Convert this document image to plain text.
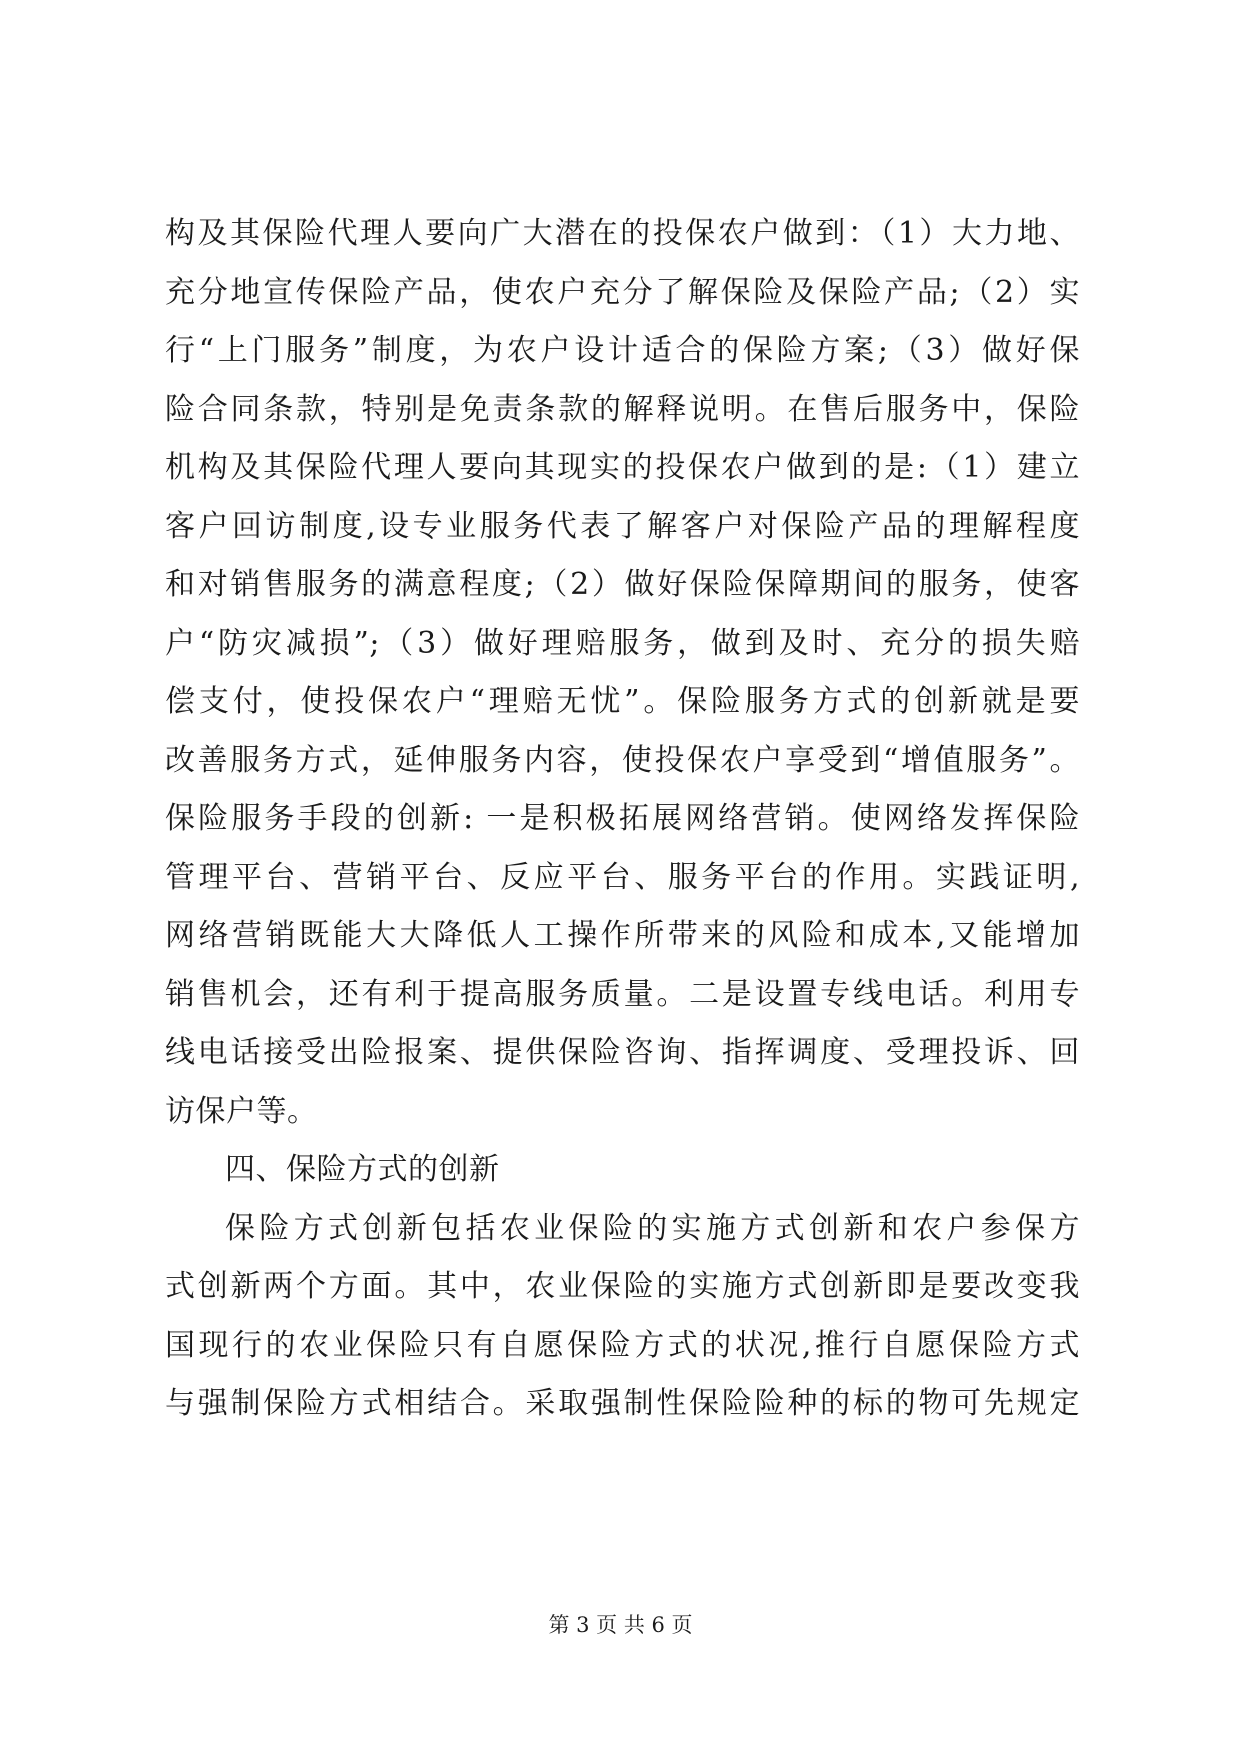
构及其保险代理人要向广大潜在的投保农户做到：（1）大力地、
充分地宣传保险产品，使农户充分了解保险及保险产品;（2）实
行“上门服务”制度，为农户设计适合的保险方案;（3）做好保
险合同条款，特别是免责条款的解释说明。在售后服务中，保险
机构及其保险代理人要向其现实的投保农户做到的是:（1）建立
客户回访制度,设专业服务代表了解客户对保险产品的理解程度
和对销售服务的满意程度;（2）做好保险保障期间的服务，使客
户“防灾减损”;（3）做好理赔服务，做到及时、充分的损失赔
偿支付，使投保农户“理赔无忧”。保险服务方式的创新就是要
改善服务方式，延伸服务内容，使投保农户享受到“增值服务”。
保险服务手段的创新: 一是积极拓展网络营销。使网络发挥保险
管理平台、营销平台、反应平台、服务平台的作用。实践证明,
网络营销既能大大降低人工操作所带来的风险和成本,又能增加
销售机会，还有利于提高服务质量。二是设置专线电话。利用专
线电话接受出险报案、提供保险咨询、指挥调度、受理投诉、回
访保户等。
四、保险方式的创新
保险方式创新包括农业保险的实施方式创新和农户参保方
式创新两个方面。其中，农业保险的实施方式创新即是要改变我
国现行的农业保险只有自愿保险方式的状况,推行自愿保险方式
与强制保险方式相结合。采取强制性保险险种的标的物可先规定
第 3 页 共 6 页
